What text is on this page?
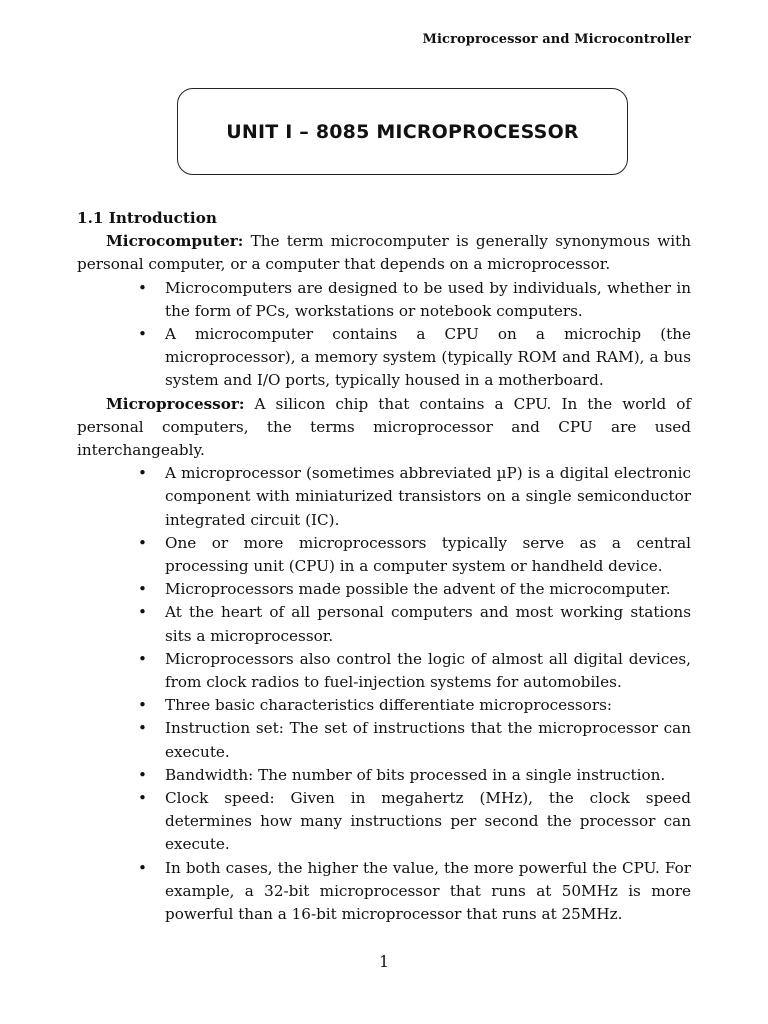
Microprocessor and Microcontroller
UNIT I – 8085 MICROPROCESSOR

1.1 Introduction

Microcomputer: The term microcomputer is generally synonymous with personal computer, or a computer that depends on a microprocessor.

• Microcomputers are designed to be used by individuals, whether in the form of PCs, workstations or notebook computers.
• A microcomputer contains a CPU on a microchip (the microprocessor), a memory system (typically ROM and RAM), a bus system and I/O ports, typically housed in a motherboard.

Microprocessor: A silicon chip that contains a CPU. In the world of personal computers, the terms microprocessor and CPU are used interchangeably.

• A microprocessor (sometimes abbreviated µP) is a digital electronic component with miniaturized transistors on a single semiconductor integrated circuit (IC).
• One or more microprocessors typically serve as a central processing unit (CPU) in a computer system or handheld device.
• Microprocessors made possible the advent of the microcomputer.
• At the heart of all personal computers and most working stations sits a microprocessor.
• Microprocessors also control the logic of almost all digital devices, from clock radios to fuel-injection systems for automobiles.
• Three basic characteristics differentiate microprocessors:
• Instruction set: The set of instructions that the microprocessor can execute.
• Bandwidth: The number of bits processed in a single instruction.
• Clock speed: Given in megahertz (MHz), the clock speed determines how many instructions per second the processor can execute.
• In both cases, the higher the value, the more powerful the CPU. For example, a 32-bit microprocessor that runs at 50MHz is more powerful than a 16-bit microprocessor that runs at 25MHz.
1
